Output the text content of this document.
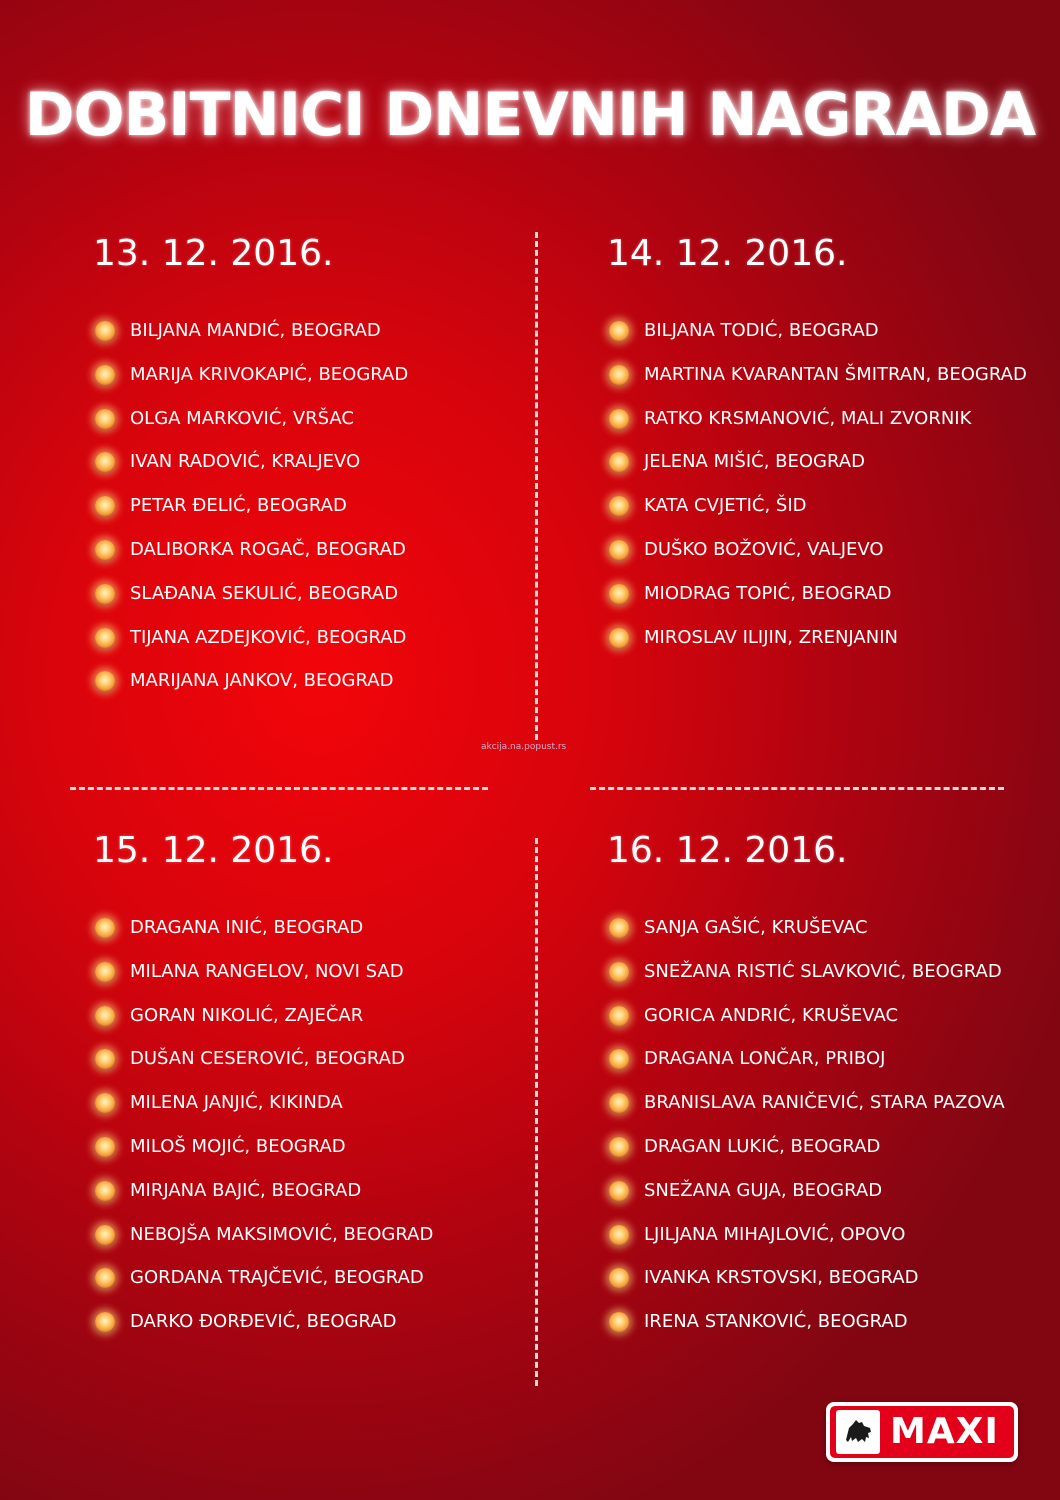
DOBITNICI DNEVNIH NAGRADA
13. 12. 2016.
BILJANA MANDIĆ, BEOGRAD
MARIJA KRIVOKAPIĆ, BEOGRAD
OLGA MARKOVIĆ, VRŠAC
IVAN RADOVIĆ, KRALJEVO
PETAR ĐELIĆ, BEOGRAD
DALIBORKA ROGAČ, BEOGRAD
SLAĐANA SEKULIĆ, BEOGRAD
TIJANA AZDEJKOVIĆ, BEOGRAD
MARIJANA JANKOV, BEOGRAD
14. 12. 2016.
BILJANA TODIĆ, BEOGRAD
MARTINA KVARANTAN ŠMITRAN, BEOGRAD
RATKO KRSMANOVIĆ, MALI ZVORNIK
JELENA MIŠIĆ, BEOGRAD
KATA CVJETIĆ, ŠID
DUŠKO BOŽOVIĆ, VALJEVO
MIODRAG TOPIĆ, BEOGRAD
MIROSLAV ILIJIN, ZRENJANIN
15. 12. 2016.
DRAGANA INIĆ, BEOGRAD
MILANA RANGELOV, NOVI SAD
GORAN NIKOLIĆ, ZAJEČAR
DUŠAN CESEROVIĆ, BEOGRAD
MILENA JANJIĆ, KIKINDA
MILOŠ MOJIĆ, BEOGRAD
MIRJANA BAJIĆ, BEOGRAD
NEBOJŠA MAKSIMOVIĆ, BEOGRAD
GORDANA TRAJČEVIĆ, BEOGRAD
DARKO ĐORĐEVIĆ, BEOGRAD
16. 12. 2016.
SANJA GAŠIĆ, KRUŠEVAC
SNEŽANA RISTIĆ SLAVKOVIĆ, BEOGRAD
GORICA ANDRIĆ, KRUŠEVAC
DRAGANA LONČAR, PRIBOJ
BRANISLAVA RANIČEVIĆ, STARA PAZOVA
DRAGAN LUKIĆ, BEOGRAD
SNEŽANA GUJA, BEOGRAD
LJILJANA MIHAJLOVIĆ, OPOVO
IVANKA KRSTOVSKI, BEOGRAD
IRENA STANKOVIĆ, BEOGRAD
akcija.na.popust.rs
MAXI
